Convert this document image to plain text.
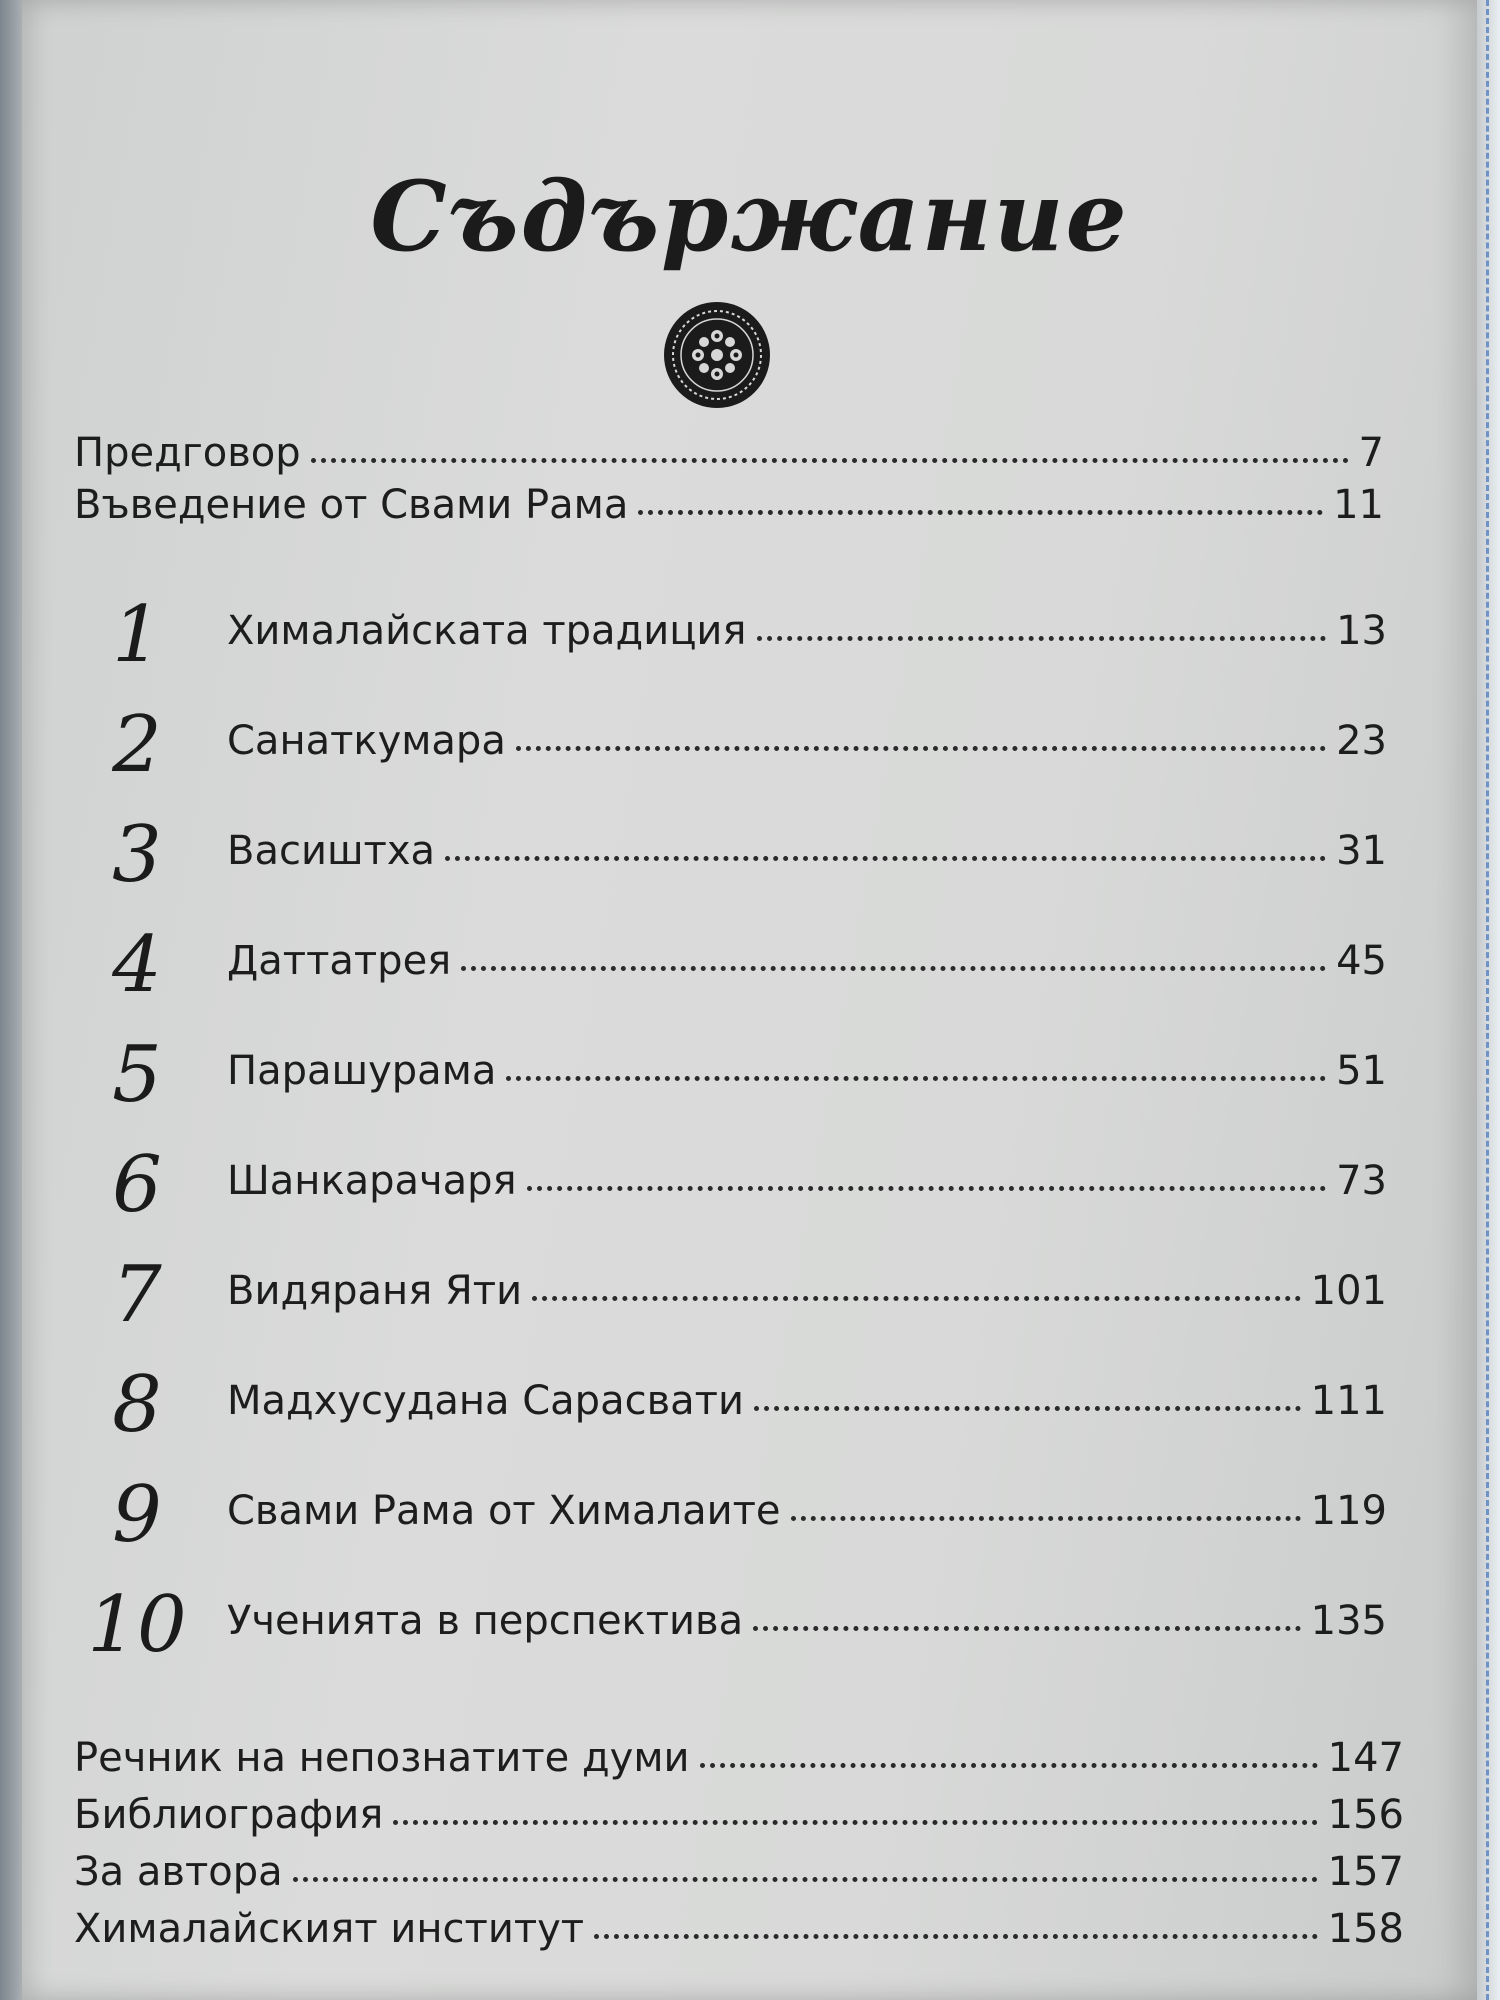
Съдържание
Предговор	7
Въведение от Свами Рама	11
1	Хималайската традиция	13
2	Санаткумара	23
3	Васиштха	31
4	Даттатрея	45
5	Парашурама	51
6	Шанкарачаря	73
7	Видяраня Яти	101
8	Мадхусудана Сарасвати	111
9	Свами Рама от Хималаите	119
10 Ученията в перспектива	135
Речник на непознатите думи	147
Библиография	156
За автора	157
Хималайският институт	158
